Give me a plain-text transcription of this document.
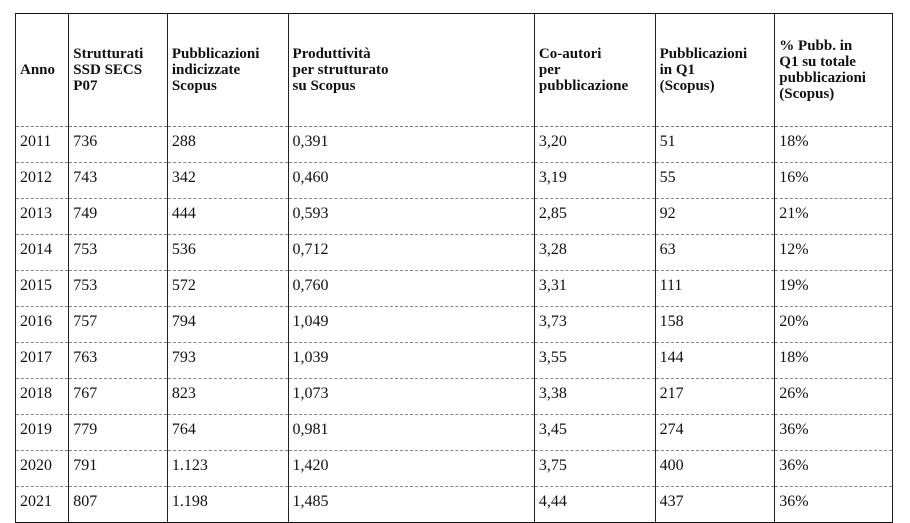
Anno	Strutturati
SSD SECS
P07	Pubblicazioni
indicizzate
Scopus	Produttività
per strutturato
su Scopus	Co-autori
per
pubblicazione	Pubblicazioni
in Q1
(Scopus)	% Pubb. in
Q1 su totale
pubblicazioni
(Scopus)

2011	736	288	0,391	3,20	51	18%
2012	743	342	0,460	3,19	55	16%
2013	749	444	0,593	2,85	92	21%
2014	753	536	0,712	3,28	63	12%
2015	753	572	0,760	3,31	111	19%
2016	757	794	1,049	3,73	158	20%
2017	763	793	1,039	3,55	144	18%
2018	767	823	1,073	3,38	217	26%
2019	779	764	0,981	3,45	274	36%
2020	791	1.123	1,420	3,75	400	36%
2021	807	1.198	1,485	4,44	437	36%
